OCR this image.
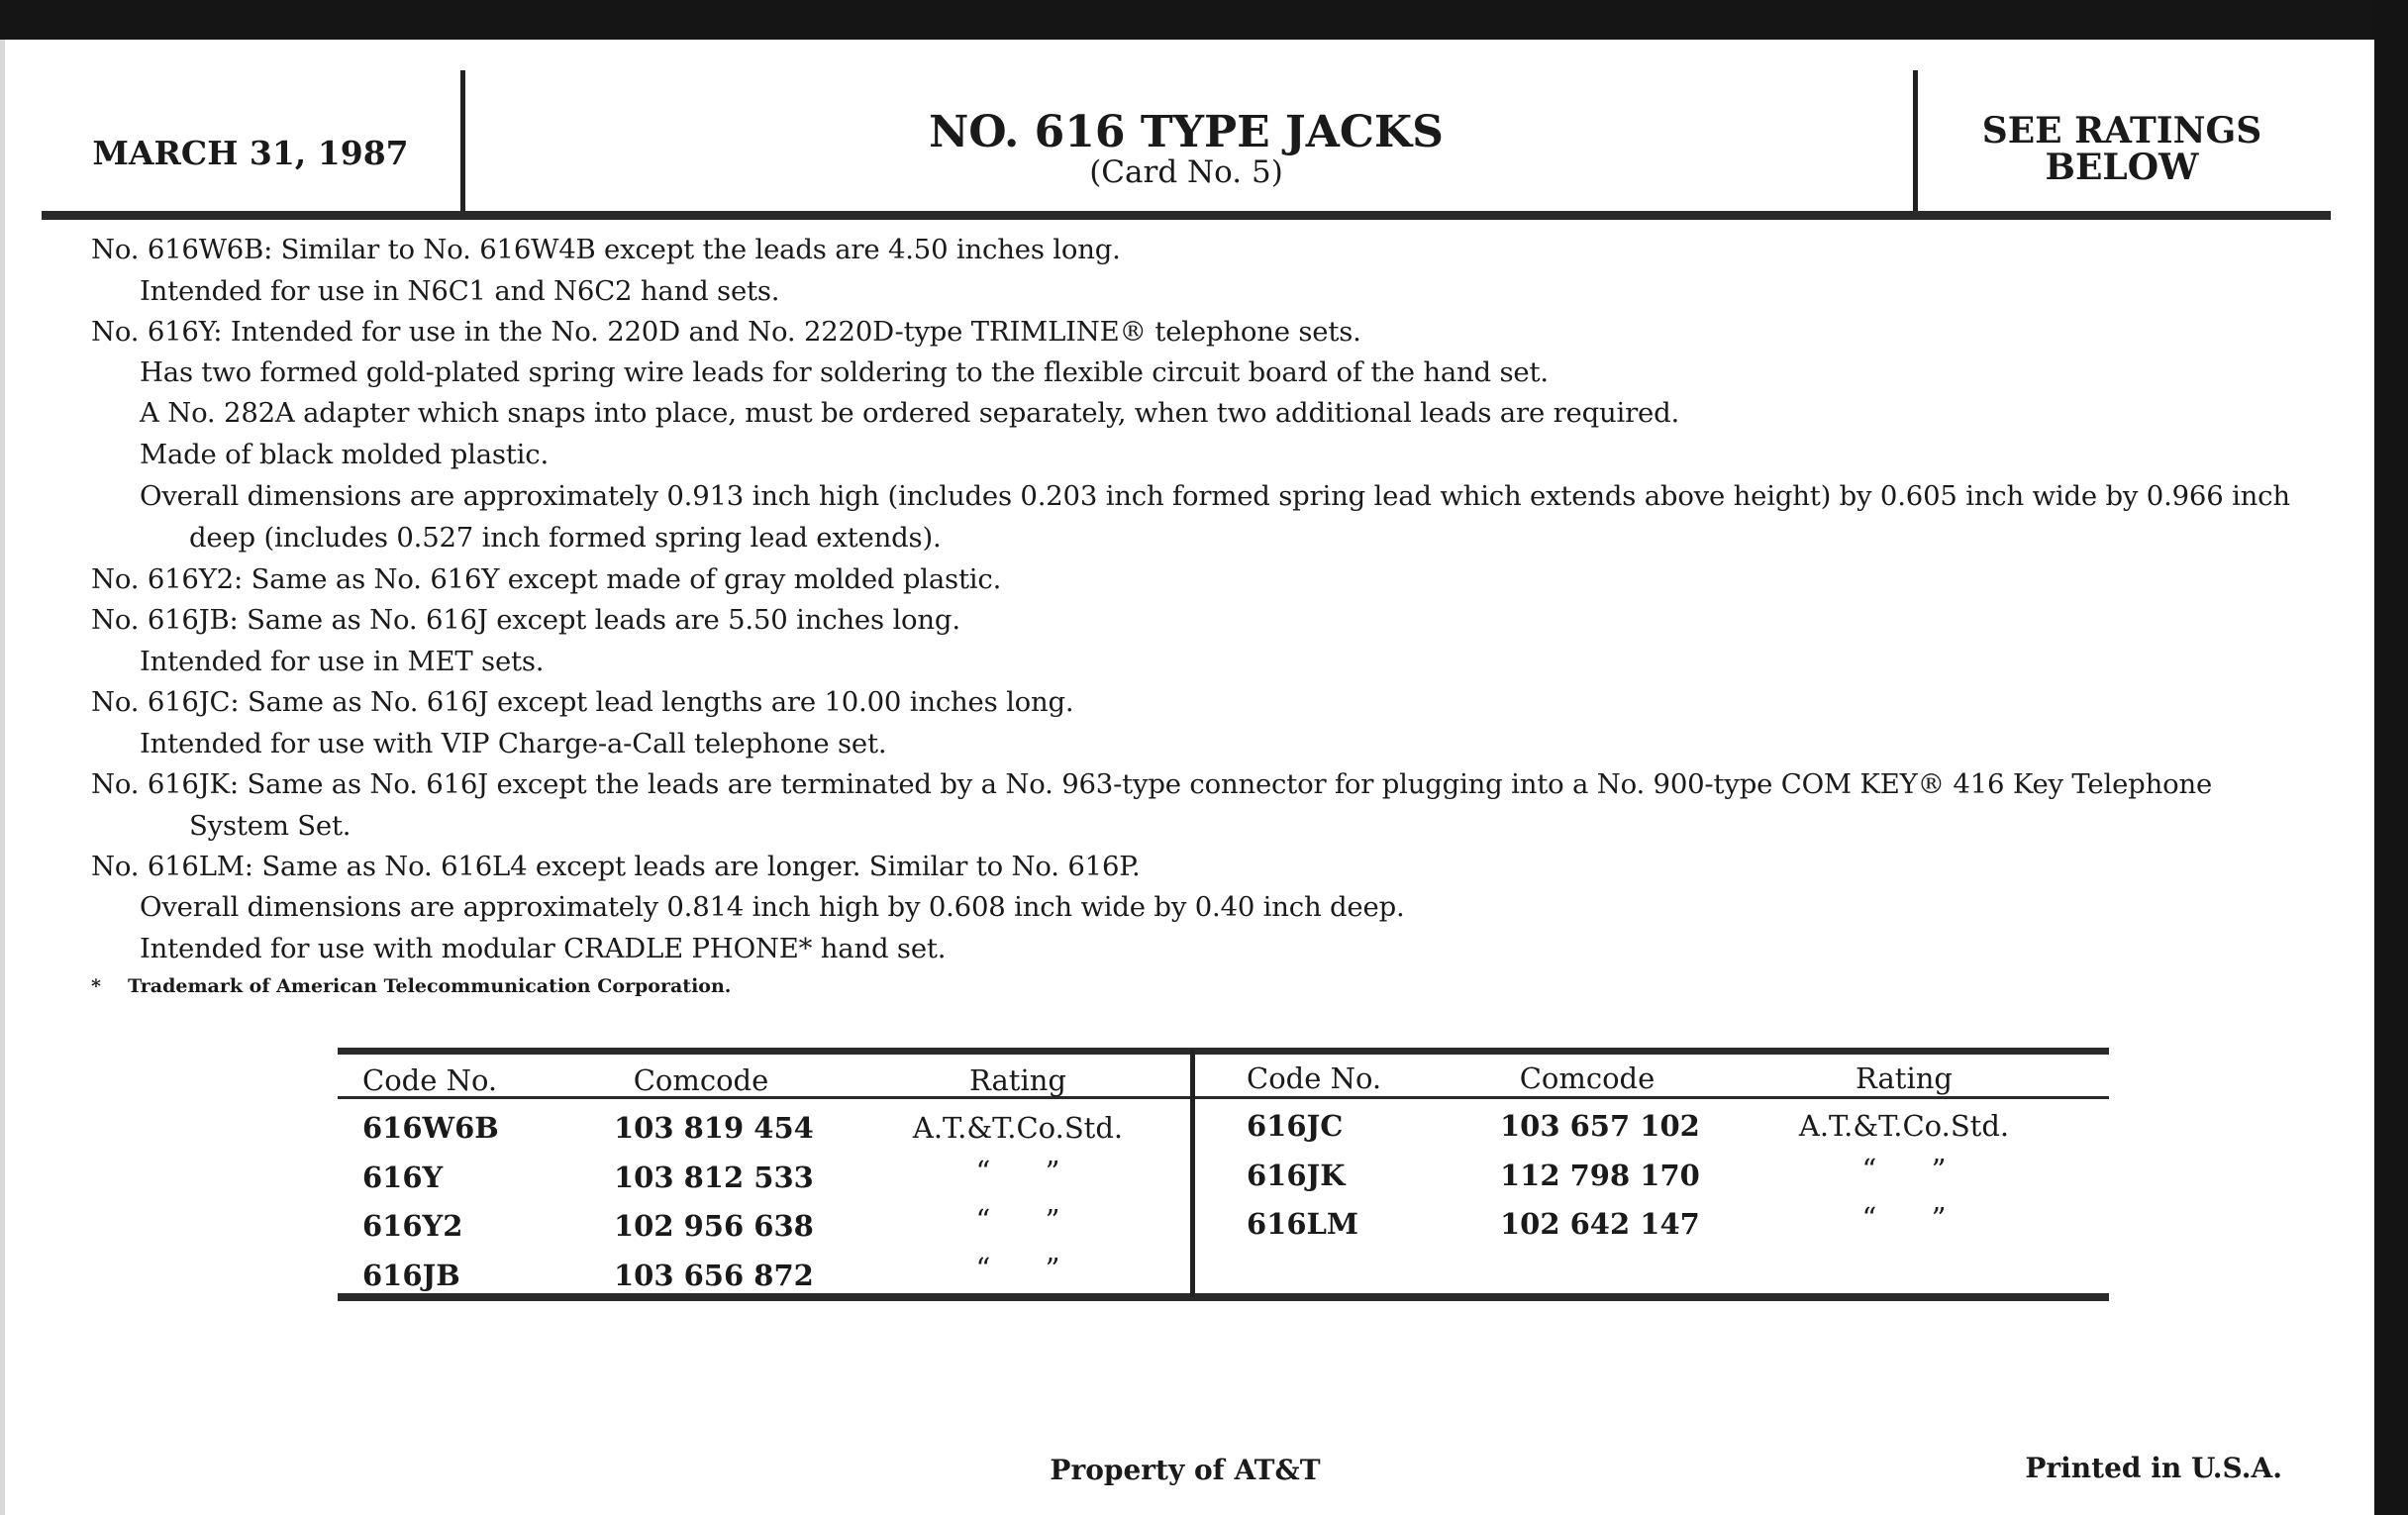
MARCH 31, 1987	NO. 616 TYPE JACKS
(Card No. 5)
SEE RATINGS
BELOW
No. 616W6B: Similar to No. 616W4B except the leads are 4.50 inches long.
Intended for use in N6C1 and N6C2 hand sets.
No. 616Y: Intended for use in the No. 220D and No. 2220D-type TRIMLINE® telephone sets.
Has two formed gold-plated spring wire leads for soldering to the flexible circuit board of the hand set.
A No. 282A adapter which snaps into place, must be ordered separately, when two additional leads are required.
Made of black molded plastic.
Overall dimensions are approximately 0.913 inch high (includes 0.203 inch formed spring lead which extends above height) by 0.605 inch wide by 0.966 inch
deep (includes 0.527 inch formed spring lead extends).
No. 616Y2: Same as No. 616Y except made of gray molded plastic.
No. 616JB: Same as No. 616J except leads are 5.50 inches long.
Intended for use in MET sets.
No. 616JC: Same as No. 616J except lead lengths are 10.00 inches long.
Intended for use with VIP Charge-a-Call telephone set.
No. 616JK: Same as No. 616J except the leads are terminated by a No. 963-type connector for plugging into a No. 900-type COM KEY® 416 Key Telephone
System Set.
No. 616LM: Same as No. 616L4 except leads are longer. Similar to No. 616P.
Overall dimensions are approximately 0.814 inch high by 0.608 inch wide by 0.40 inch deep.
Intended for use with modular CRADLE PHONE* hand set.
* Trademark of American Telecommunication Corporation.
Code No.	Comcode	Rating	Code No.	Comcode	Rating
616W6B	103 819 454	A.T.&T.Co.Std.
616Y	103 812 533	“      ”
616Y2	102 956 638	“      ”
616JB	103 656 872	“      ”
616JC	103 657 102	A.T.&T.Co.Std.
616JK	112 798 170	“      ”
616LM	102 642 147	“      ”
Property of AT&T	Printed in U.S.A.
